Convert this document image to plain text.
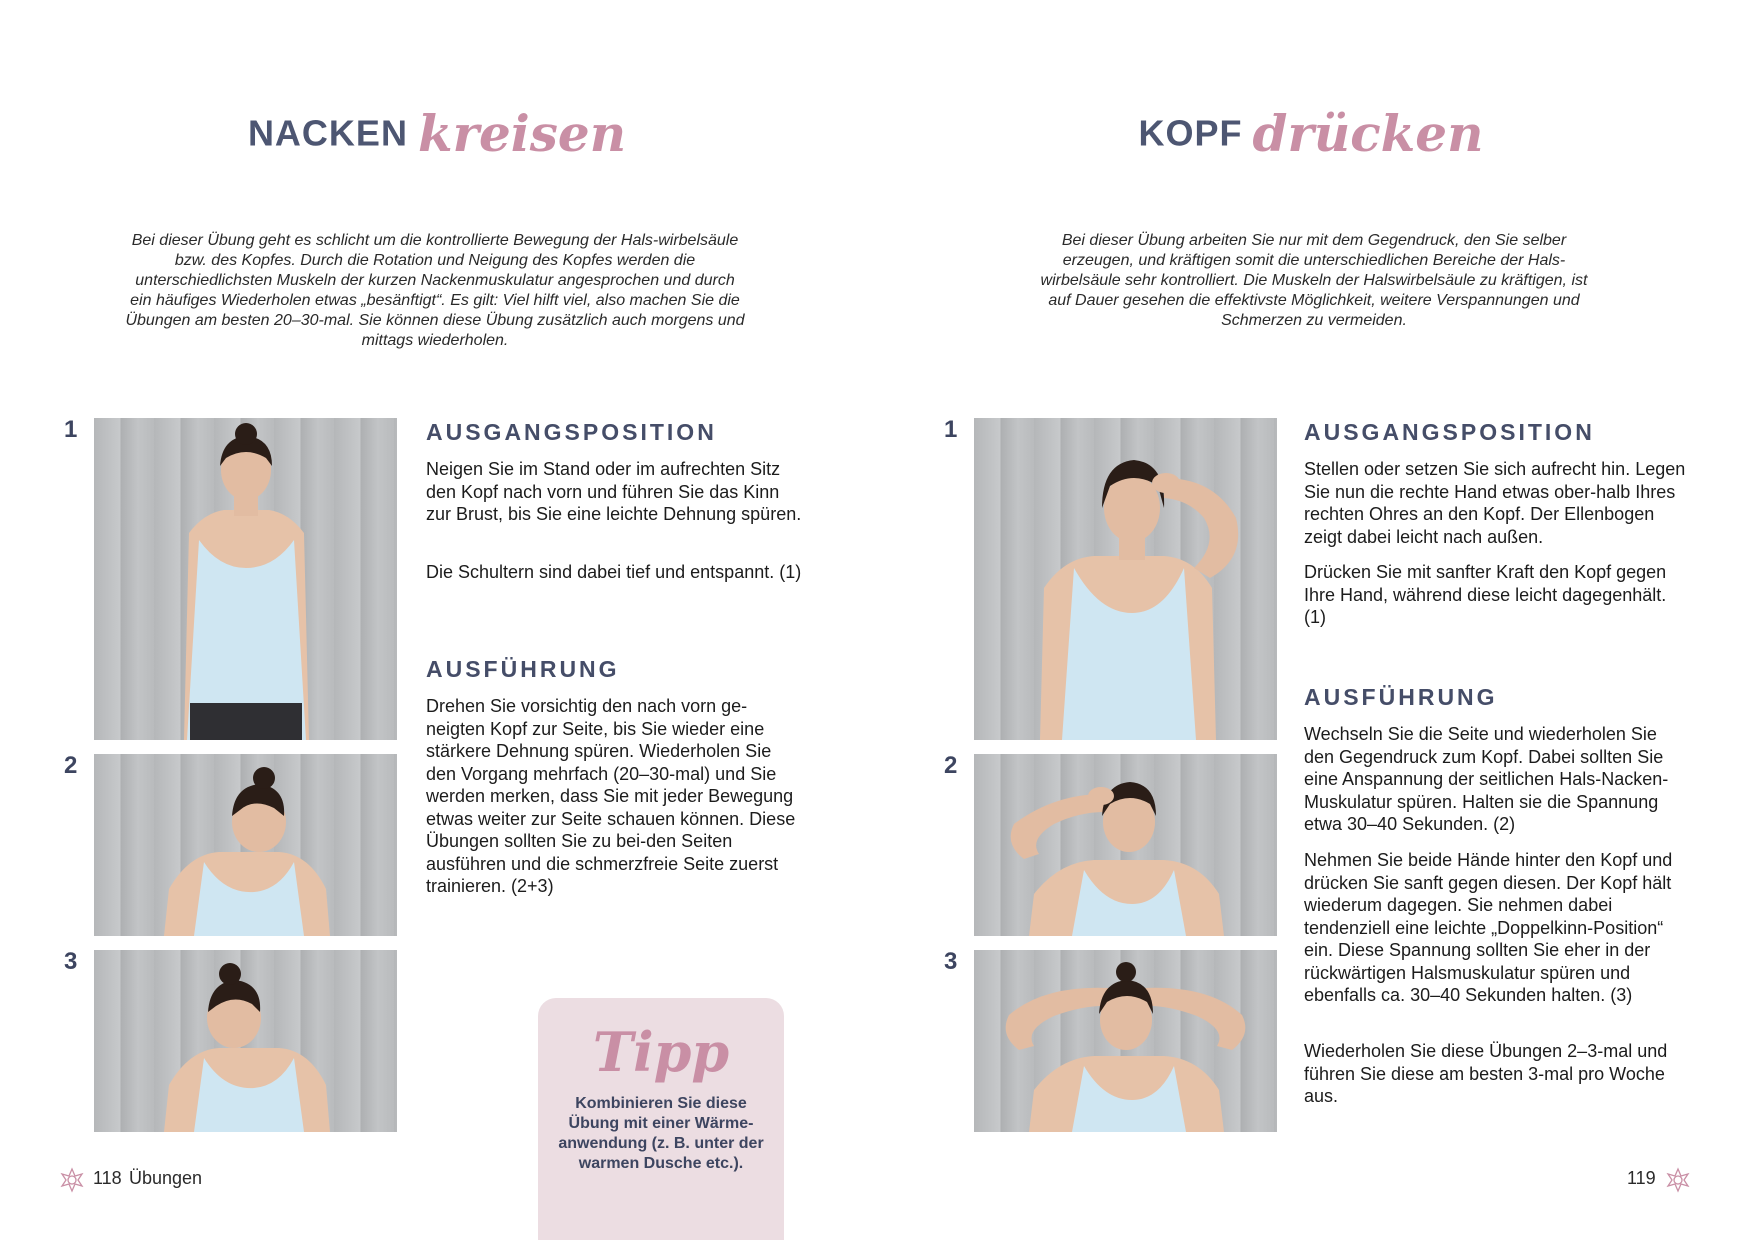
NACKEN kreisen
Bei dieser Übung geht es schlicht um die kontrollierte Bewegung der Hals-wirbelsäule bzw. des Kopfes. Durch die Rotation und Neigung des Kopfes werden die unterschiedlichsten Muskeln der kurzen Nackenmuskulatur angesprochen und durch ein häufiges Wiederholen etwas „besänftigt“. Es gilt: Viel hilft viel, also machen Sie die Übungen am besten 20–30-mal. Sie können diese Übung zusätzlich auch morgens und mittags wiederholen.
1
2
3
AUSGANGSPOSITION
Neigen Sie im Stand oder im aufrechten Sitz den Kopf nach vorn und führen Sie das Kinn zur Brust, bis Sie eine leichte Dehnung spüren.
Die Schultern sind dabei tief und entspannt. (1)
AUSFÜHRUNG
Drehen Sie vorsichtig den nach vorn ge-neigten Kopf zur Seite, bis Sie wieder eine stärkere Dehnung spüren. Wiederholen Sie den Vorgang mehrfach (20–30-mal) und Sie werden merken, dass Sie mit jeder Bewegung etwas weiter zur Seite schauen können. Diese Übungen sollten Sie zu bei-den Seiten ausführen und die schmerzfreie Seite zuerst trainieren. (2+3)
Tipp
Kombinieren Sie diese Übung mit einer Wärme-anwendung (z. B. unter der warmen Dusche etc.).
118 Übungen
KOPF drücken
Bei dieser Übung arbeiten Sie nur mit dem Gegendruck, den Sie selber erzeugen, und kräftigen somit die unterschiedlichen Bereiche der Hals-wirbelsäule sehr kontrolliert. Die Muskeln der Halswirbelsäule zu kräftigen, ist auf Dauer gesehen die effektivste Möglichkeit, weitere Verspannungen und Schmerzen zu vermeiden.
1
2
3
AUSGANGSPOSITION
Stellen oder setzen Sie sich aufrecht hin. Legen Sie nun die rechte Hand etwas ober-halb Ihres rechten Ohres an den Kopf. Der Ellenbogen zeigt dabei leicht nach außen.
Drücken Sie mit sanfter Kraft den Kopf gegen Ihre Hand, während diese leicht dagegenhält. (1)
AUSFÜHRUNG
Wechseln Sie die Seite und wiederholen Sie den Gegendruck zum Kopf. Dabei sollten Sie eine Anspannung der seitlichen Hals-Nacken-Muskulatur spüren. Halten sie die Spannung etwa 30–40 Sekunden. (2)
Nehmen Sie beide Hände hinter den Kopf und drücken Sie sanft gegen diesen. Der Kopf hält wiederum dagegen. Sie nehmen dabei tendenziell eine leichte „Doppelkinn-Position“ ein. Diese Spannung sollten Sie eher in der rückwärtigen Halsmuskulatur spüren und ebenfalls ca. 30–40 Sekunden halten. (3)
Wiederholen Sie diese Übungen 2–3-mal und führen Sie diese am besten 3-mal pro Woche aus.
119
